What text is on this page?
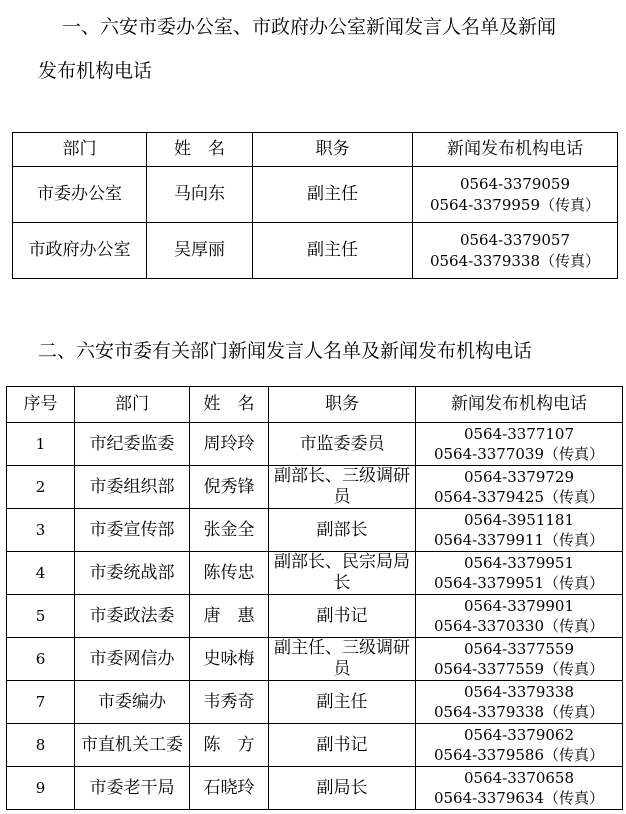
一、六安市委办公室、市政府办公室新闻发言人名单及新闻
发布机构电话
部门	姓　名	职务	新闻发布机构电话
市委办公室	马向东	副主任	0564-3379059
0564-3379959（传真）

市政府办公室	吴厚丽	副主任	0564-3379057
0564-3379338（传真）
二、六安市委有关部门新闻发言人名单及新闻发布机构电话
序号	部门	姓　名	职务	新闻发布机构电话
1	市纪委监委	周玲玲	市监委委员	0564-3377107
0564-3377039（传真）

2	市委组织部	倪秀锋	副部长、三级调研员	0564-3379729
0564-3379425（传真）

3	市委宣传部	张金全	副部长	0564-3951181
0564-3379911（传真）

4	市委统战部	陈传忠	副部长、民宗局局长	0564-3379951
0564-3379951（传真）

5	市委政法委	唐　惠	副书记	0564-3379901
0564-3370330（传真）

6	市委网信办	史咏梅	副主任、三级调研员	0564-3377559
0564-3377559（传真）

7	市委编办	韦秀奇	副主任	0564-3379338
0564-3379338（传真）

8	市直机关工委	陈　方	副书记	0564-3379062
0564-3379586（传真）

9	市委老干局	石晓玲	副局长	0564-3370658
0564-3379634（传真）
